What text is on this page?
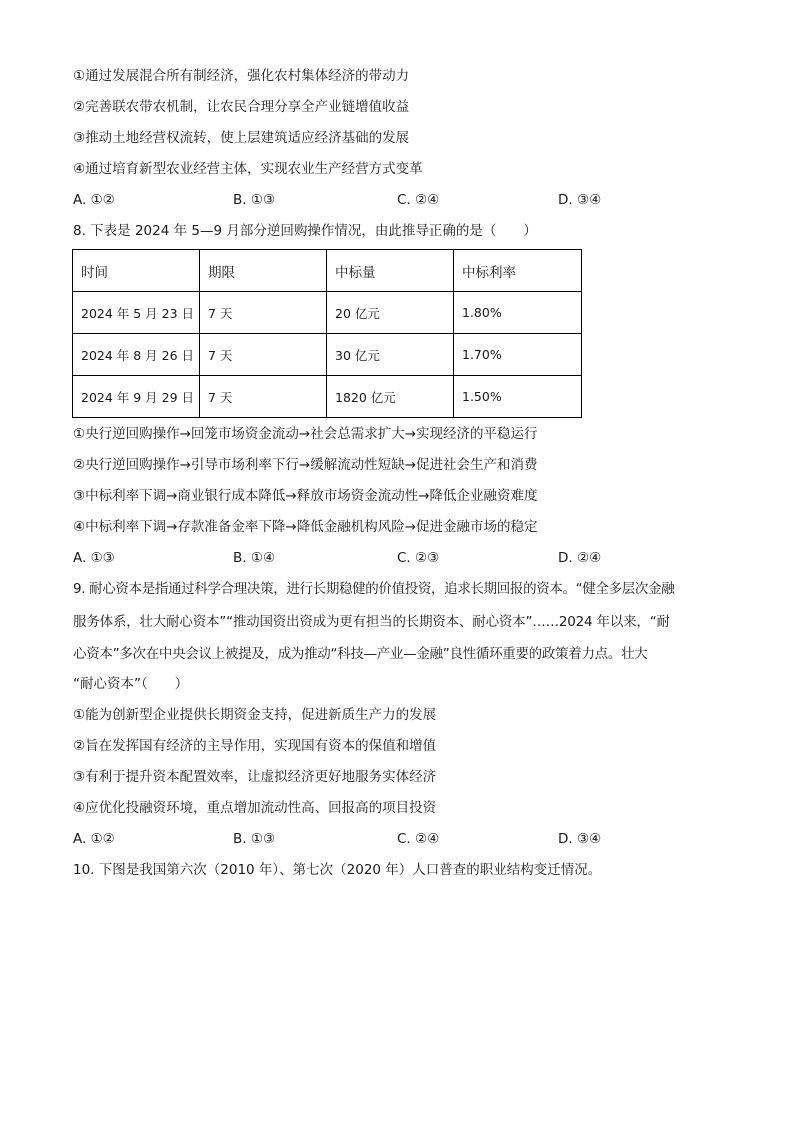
①通过发展混合所有制经济，强化农村集体经济的带动力
②完善联农带农机制，让农民合理分享全产业链增值收益
③推动土地经营权流转，使上层建筑适应经济基础的发展
④通过培育新型农业经营主体，实现农业生产经营方式变革
A. ①②	B. ①③	C. ②④	D. ③④
8. 下表是 2024 年 5—9 月部分逆回购操作情况，由此推导正确的是（　　）
时间	期限	中标量	中标利率
2024 年 5 月 23 日	7 天	20 亿元	1.80%
2024 年 8 月 26 日	7 天	30 亿元	1.70%
2024 年 9 月 29 日	7 天	1820 亿元	1.50%
①央行逆回购操作→回笼市场资金流动→社会总需求扩大→实现经济的平稳运行
②央行逆回购操作→引导市场利率下行→缓解流动性短缺→促进社会生产和消费
③中标利率下调→商业银行成本降低→释放市场资金流动性→降低企业融资难度
④中标利率下调→存款准备金率下降→降低金融机构风险→促进金融市场的稳定
A. ①③	B. ①④	C. ②③	D. ②④
9. 耐心资本是指通过科学合理决策，进行长期稳健的价值投资，追求长期回报的资本。“健全多层次金融
服务体系，壮大耐心资本”“推动国资出资成为更有担当的长期资本、耐心资本”……2024 年以来，“耐
心资本”多次在中央会议上被提及，成为推动“科技—产业—金融”良性循环重要的政策着力点。壮大
“耐心资本”（　　）
①能为创新型企业提供长期资金支持，促进新质生产力的发展
②旨在发挥国有经济的主导作用，实现国有资本的保值和增值
③有利于提升资本配置效率，让虚拟经济更好地服务实体经济
④应优化投融资环境，重点增加流动性高、回报高的项目投资
A. ①②	B. ①③	C. ②④	D. ③④
10. 下图是我国第六次（2010 年）、第七次（2020 年）人口普查的职业结构变迁情况。
